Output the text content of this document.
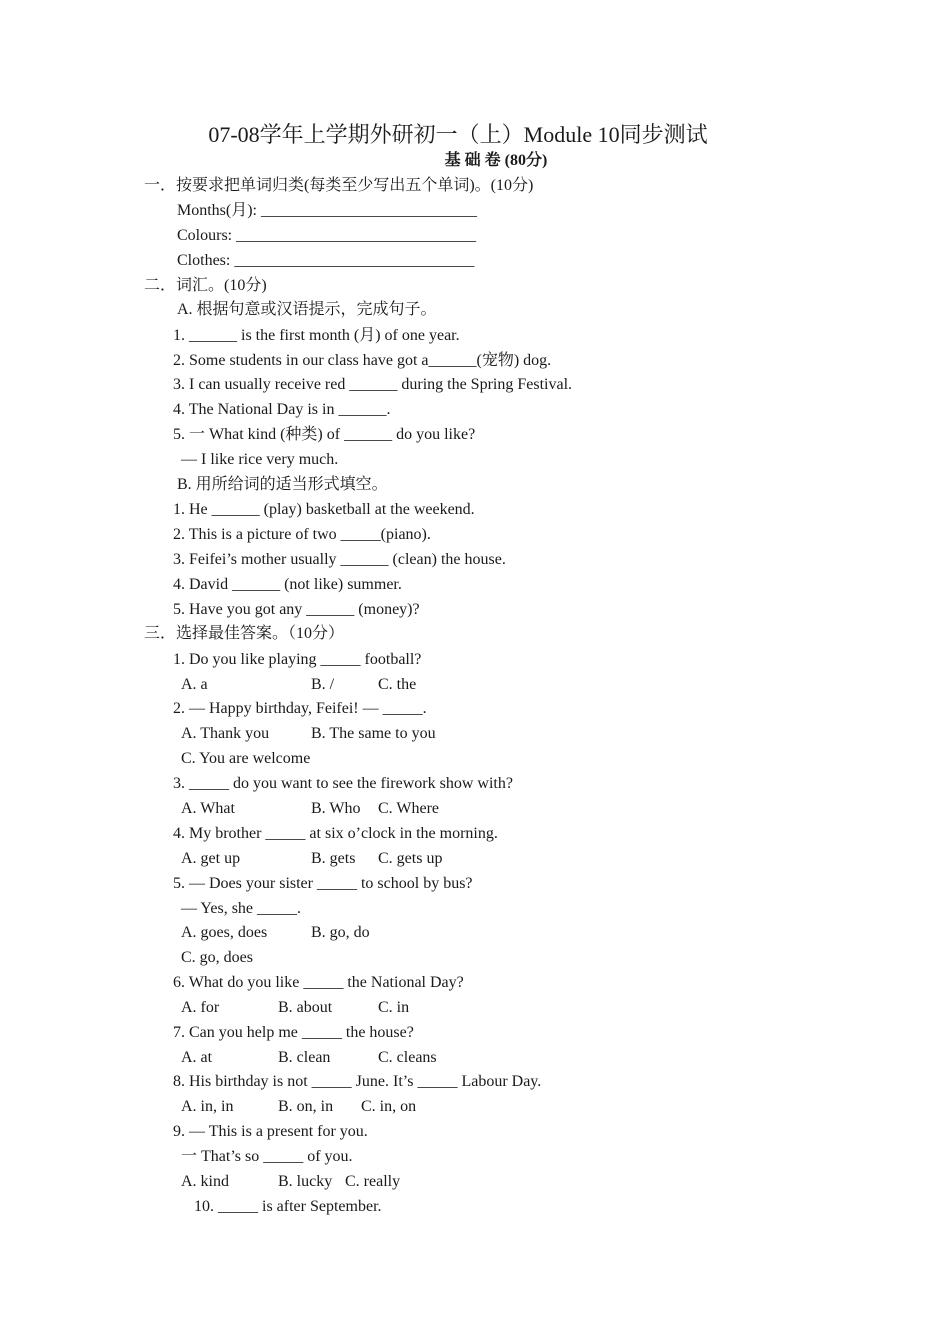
07-08学年上学期外研初一（上）Module 10同步测试
基 础 卷 (80分)
一．按要求把单词归类(每类至少写出五个单词)。(10分)
Months(月): ___________________________
Colours: ______________________________
Clothes: ______________________________
二．词汇。(10分)
A. 根据句意或汉语提示，完成句子。
1. ______ is the first month (月) of one year.
2. Some students in our class have got a______(宠物) dog.
3. I can usually receive red ______ during the Spring Festival.
4. The National Day is in ______.
5. 一 What kind (种类) of ______ do you like?
— I like rice very much.
B. 用所给词的适当形式填空。
1. He ______ (play) basketball at the weekend.
2. This is a picture of two _____(piano).
3. Feifei’s mother usually ______ (clean) the house.
4. David ______ (not like) summer.
5. Have you got any ______ (money)?
三．选择最佳答案。（10分）
1. Do you like playing _____ football?
A. a	B. /	C. the
2. — Happy birthday, Feifei! — _____.
A. Thank you	B. The same to you
C. You are welcome
3. _____ do you want to see the firework show with?
A. What	B. Who C. Where
4. My brother _____ at six o’clock in the morning.
A. get up	B. gets C. gets up
5. — Does your sister _____ to school by bus?
— Yes, she _____.
A. goes, does	B. go, do
C. go, does
6. What do you like _____ the National Day?
A. for	B. about	C. in
7. Can you help me _____ the house?
A. at	B. clean	C. cleans
8. His birthday is not _____ June. It’s _____ Labour Day.
A. in, in	B. on, in C. in, on
9. — This is a present for you.
一 That’s so _____ of you.
A. kind	B. lucky C. really
10. _____ is after September.
